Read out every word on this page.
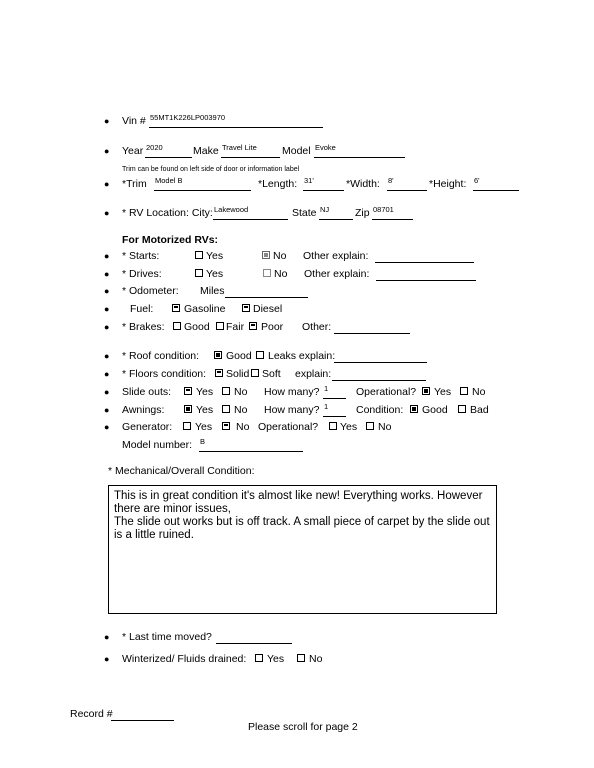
● Vin # 55MT1K226LP003970
● Year 2020	Make Travel Lite	Model Evoke
Trim can be found on left side of door or information label
● *Trim Model B	*Length: 31'	*Width: 8'	*Height: 6'
● * RV Location: City: Lakewood	State NJ	Zip 08701
For Motorized RVs:
● * Starts:	Yes	No Other explain:
● * Drives:	Yes	No Other explain:
● * Odometer: Miles
● Fuel:	Gasoline	Diesel
● * Brakes: Good Fair Poor Other:
● * Roof condition:	Good Leaks explain:
● * Floors condition: Solid Soft explain:
● Slide outs: Yes No How many? 1	Operational? Yes No
● Awnings:	Yes No How many? 1	Condition: Good Bad
● Generator: Yes No Operational? Yes No
Model number: B
* Mechanical/Overall Condition:

This is in great condition it's almost like new! Everything works. However there are minor issues,

The slide out works but is off track. A small piece of carpet by the slide out is a little ruined.

● * Last time moved?
● Winterized/ Fluids drained: Yes No
Record #
Please scroll for page 2
